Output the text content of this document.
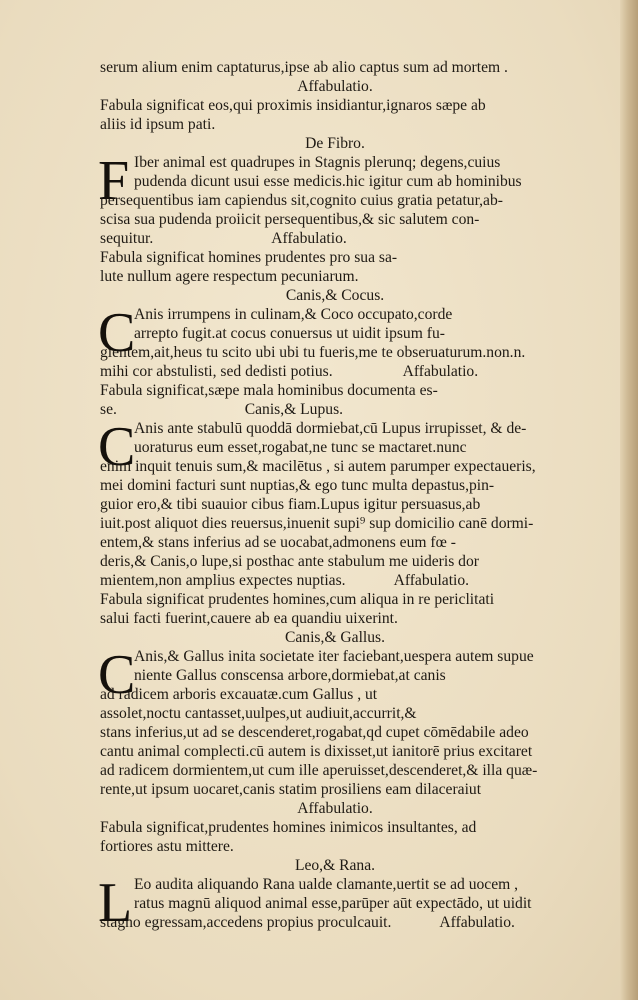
serum alium enim captaturus,ipse ab alio captus sum ad mortem .
Affabulatio.
Fabula significat eos,qui proximis insidiantur,ignaros sæpe ab
aliis id ipsum pati.
De Fibro.
F Iber animal est quadrupes in Stagnis plerunq; degens,cuius
pudenda dicunt usui esse medicis.hic igitur cum ab hominibus
persequentibus iam capiendus sit,cognito cuius gratia petatur,ab-
scisa sua pudenda proiicit persequentibus,& sic salutem con-
sequitur.	Affabulatio.
Fabula significat homines prudentes pro sua sa-
lute nullum agere respectum pecuniarum.
Canis,& Cocus.
C
Anis irrumpens in culinam,& Coco occupato,corde
arrepto fugit.at cocus conuersus ut uidit ipsum fu-
gientem,ait,heus tu scito ubi ubi tu fueris,me te obseruaturum.non.n.
mihi cor abstulisti, sed dedisti potius.	Affabulatio.
Fabula significat,sæpe mala hominibus documenta es-
se.	Canis,& Lupus.
C
Anis ante stabulū quoddā dormiebat,cū Lupus irrupisset, & de-
uoraturus eum esset,rogabat,ne tunc se mactaret.nunc
enim inquit tenuis sum,& macilētus , si autem parumper expectaueris,
mei domini facturi sunt nuptias,& ego tunc multa depastus,pin-
guior ero,& tibi suauior cibus fiam.Lupus igitur persuasus,ab
iuit.post aliquot dies reuersus,inuenit supi⁹ sup domicilio canē dormi-
entem,& stans inferius ad se uocabat,admonens eum fœ -
deris,& Canis,o lupe,si posthac ante stabulum me uideris dor
mientem,non amplius expectes nuptias.	Affabulatio.
Fabula significat prudentes homines,cum aliqua in re periclitati
salui facti fuerint,cauere ab ea quandiu uixerint.
Canis,& Gallus.
C
Anis,& Gallus inita societate iter faciebant,uespera autem supue
niente Gallus conscensa arbore,dormiebat,at canis
ad radicem arboris excauatæ.cum Gallus , ut
assolet,noctu cantasset,uulpes,ut audiuit,accurrit,&
stans inferius,ut ad se descenderet,rogabat,qd cupet cōmēdabile adeo
cantu animal complecti.cū autem is dixisset,ut ianitorē prius excitaret
ad radicem dormientem,ut cum ille aperuisset,descenderet,& illa quæ-
rente,ut ipsum uocaret,canis statim prosiliens eam dilaceraiut
Affabulatio.
Fabula significat,prudentes homines inimicos insultantes, ad
fortiores astu mittere.
Leo,& Rana.
L Eo audita aliquando Rana ualde clamante,uertit se ad uocem ,
ratus magnū aliquod animal esse,parūper aūt expectādo, ut uidit
stagno egressam,accedens propius proculcauit.	Affabulatio.
